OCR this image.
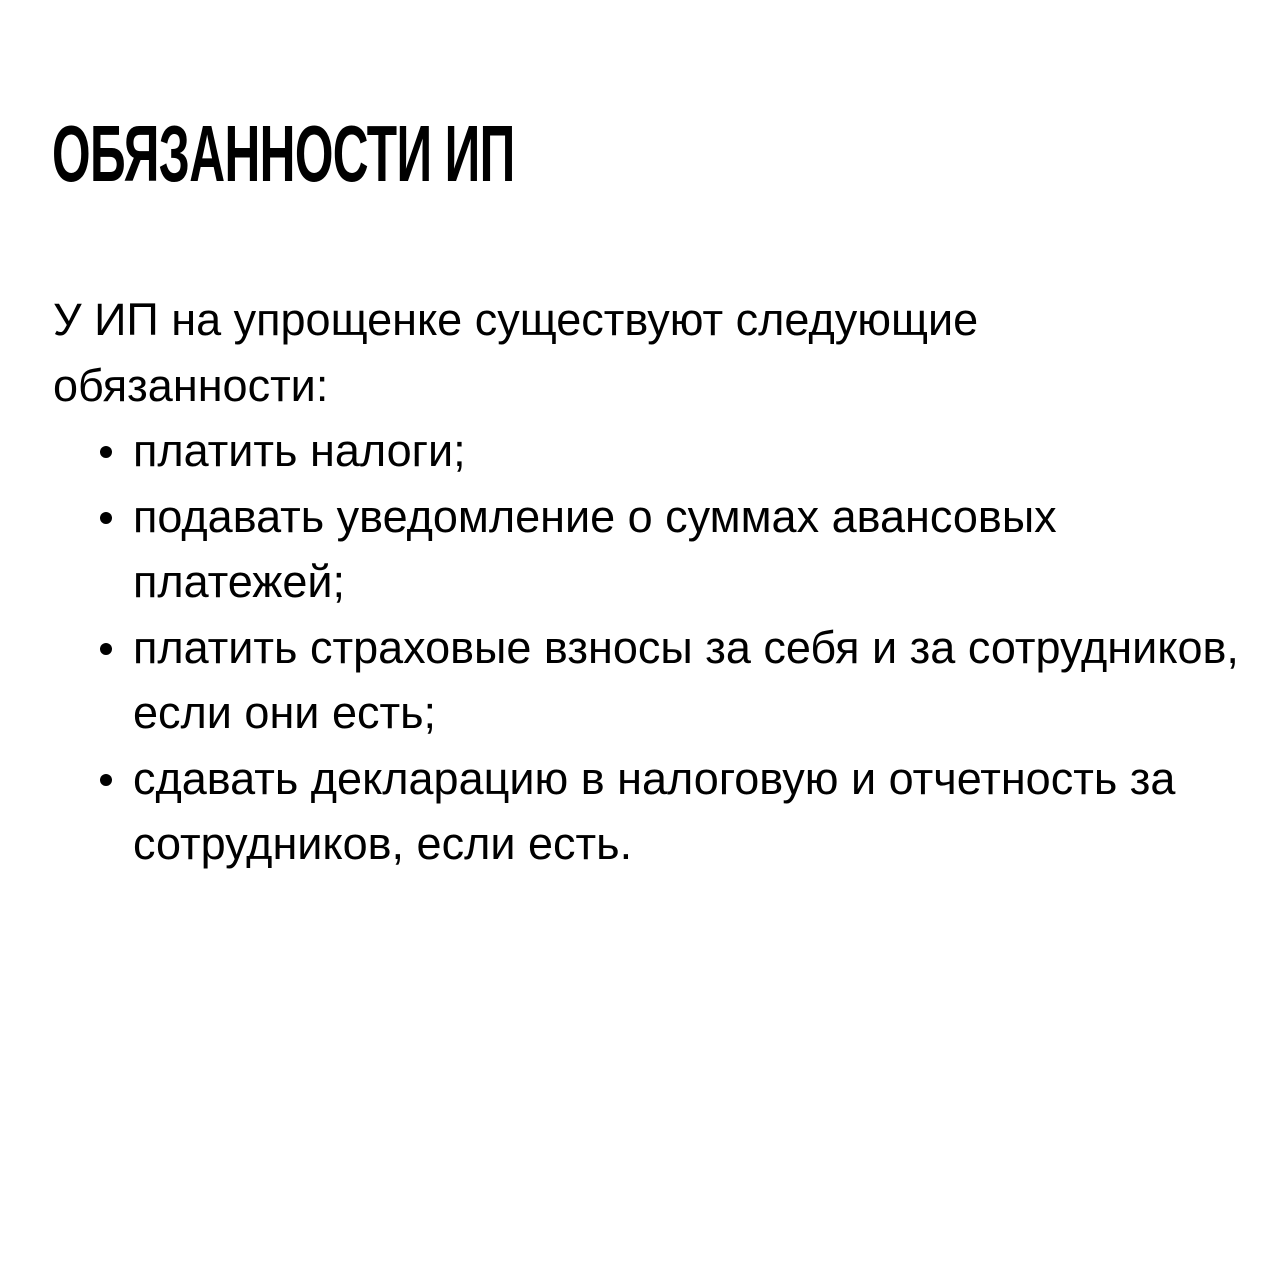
ОБЯЗАННОСТИ ИП

У ИП на упрощенке существуют следующие обязанности:

платить налоги;
подавать уведомление о суммах авансовых платежей;
платить страховые взносы за себя и за сотрудников, если они есть;
сдавать декларацию в налоговую и отчетность за сотрудников, если есть.
